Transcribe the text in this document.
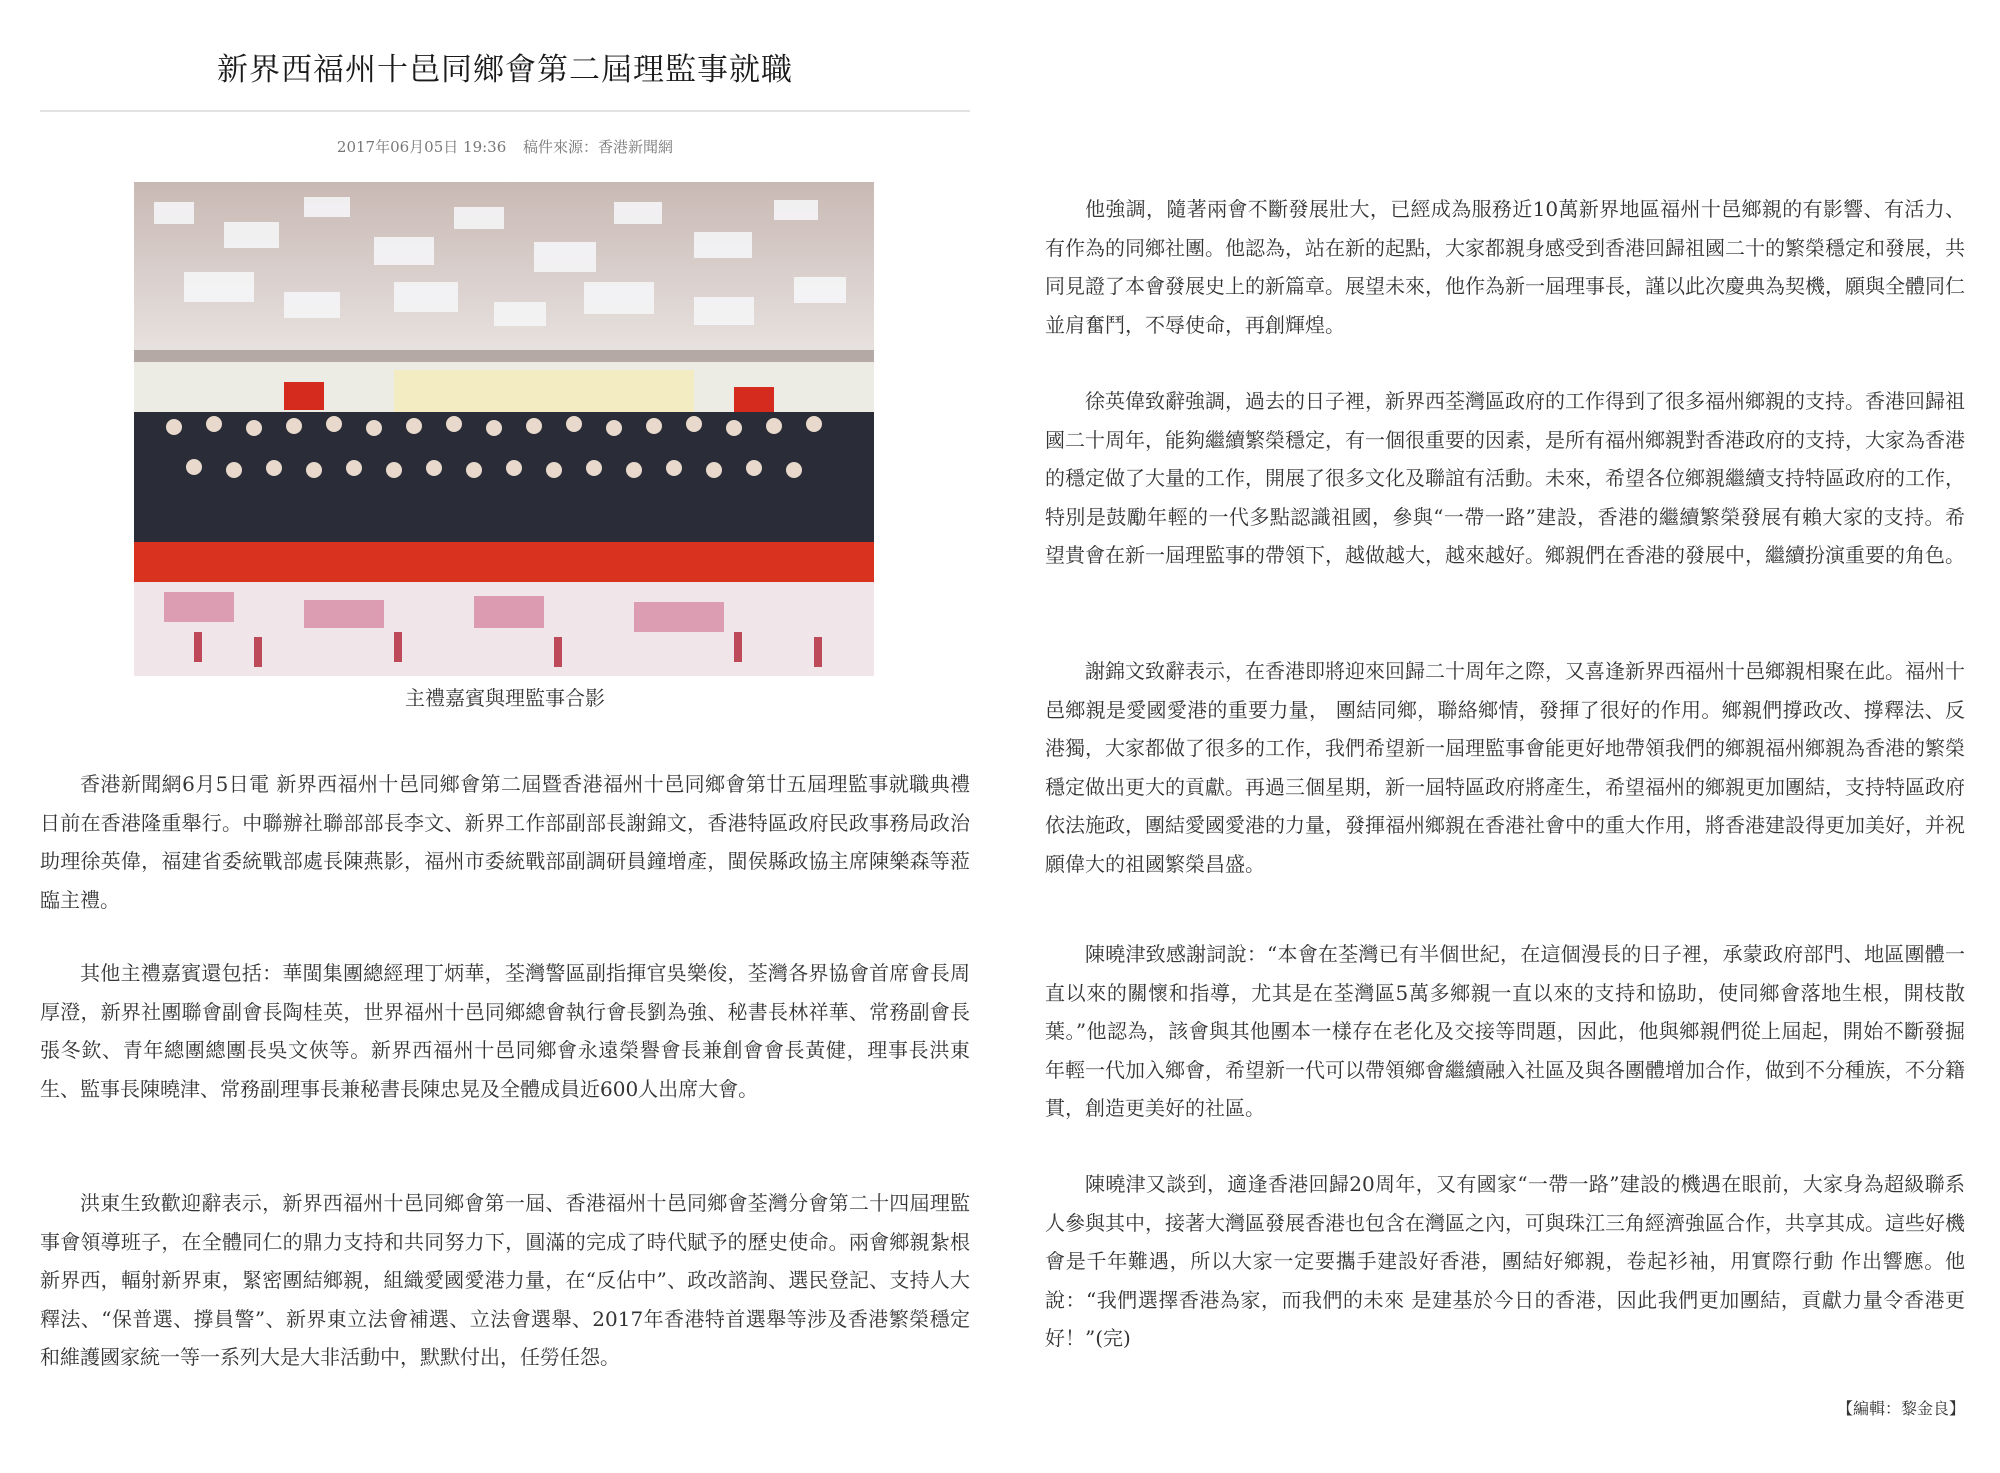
新界西福州十邑同鄉會第二屆理監事就職
2017年06月05日 19:36 稿件來源：香港新聞網
主禮嘉賓與理監事合影

香港新聞網6月5日電 新界西福州十邑同鄉會第二屆暨香港福州十邑同鄉會第廿五屆理監事就職典禮日前在香港隆重舉行。中聯辦社聯部部長李文、新界工作部副部長謝錦文，香港特區政府民政事務局政治助理徐英偉，福建省委統戰部處長陳燕影，福州市委統戰部副調研員鐘增產，閩侯縣政協主席陳樂森等蒞臨主禮。

其他主禮嘉賓還包括：華閩集團總經理丁炳華，荃灣警區副指揮官吳樂俊，荃灣各界協會首席會長周厚澄，新界社團聯會副會長陶桂英，世界福州十邑同鄉總會執行會長劉為強、秘書長林祥華、常務副會長張冬欽、青年總團總團長吳文俠等。新界西福州十邑同鄉會永遠榮譽會長兼創會會長黃健，理事長洪東生、監事長陳曉津、常務副理事長兼秘書長陳忠晃及全體成員近600人出席大會。

洪東生致歡迎辭表示，新界西福州十邑同鄉會第一屆、香港福州十邑同鄉會荃灣分會第二十四屆理監事會領導班子，在全體同仁的鼎力支持和共同努力下，圓滿的完成了時代賦予的歷史使命。兩會鄉親紮根新界西，輻射新界東，緊密團結鄉親，組織愛國愛港力量，在“反佔中”、政改諮詢、選民登記、支持人大釋法、“保普選、撐員警”、新界東立法會補選、立法會選舉、2017年香港特首選舉等涉及香港繁榮穩定和維護國家統一等一系列大是大非活動中，默默付出，任勞任怨。

他強調，隨著兩會不斷發展壯大，已經成為服務近10萬新界地區福州十邑鄉親的有影響、有活力、有作為的同鄉社團。他認為，站在新的起點，大家都親身感受到香港回歸祖國二十的繁榮穩定和發展，共同見證了本會發展史上的新篇章。展望未來，他作為新一屆理事長，謹以此次慶典為契機，願與全體同仁並肩奮鬥，不辱使命，再創輝煌。

徐英偉致辭強調，過去的日子裡，新界西荃灣區政府的工作得到了很多福州鄉親的支持。香港回歸祖國二十周年，能夠繼續繁榮穩定，有一個很重要的因素，是所有福州鄉親對香港政府的支持，大家為香港的穩定做了大量的工作，開展了很多文化及聯誼有活動。未來，希望各位鄉親繼續支持特區政府的工作，特別是鼓勵年輕的一代多點認識祖國，參與“一帶一路”建設，香港的繼續繁榮發展有賴大家的支持。希望貴會在新一屆理監事的帶領下，越做越大，越來越好。鄉親們在香港的發展中，繼續扮演重要的角色。

謝錦文致辭表示，在香港即將迎來回歸二十周年之際，又喜逢新界西福州十邑鄉親相聚在此。福州十邑鄉親是愛國愛港的重要力量， 團結同鄉，聯絡鄉情，發揮了很好的作用。鄉親們撐政改、撐釋法、反港獨，大家都做了很多的工作，我們希望新一屆理監事會能更好地帶領我們的鄉親福州鄉親為香港的繁榮穩定做出更大的貢獻。再過三個星期，新一屆特區政府將產生，希望福州的鄉親更加團結，支持特區政府依法施政，團結愛國愛港的力量，發揮福州鄉親在香港社會中的重大作用，將香港建設得更加美好，并祝願偉大的祖國繁榮昌盛。

陳曉津致感謝詞說：“本會在荃灣已有半個世紀，在這個漫長的日子裡，承蒙政府部門、地區團體一直以來的關懷和指導，尤其是在荃灣區5萬多鄉親一直以來的支持和協助，使同鄉會落地生根，開枝散葉。”他認為，該會與其他團本一樣存在老化及交接等問題，因此，他與鄉親們從上屆起，開始不斷發掘年輕一代加入鄉會，希望新一代可以帶領鄉會繼續融入社區及與各團體增加合作，做到不分種族，不分籍貫，創造更美好的社區。

陳曉津又談到，適逢香港回歸20周年，又有國家“一帶一路”建設的機遇在眼前，大家身為超級聯系人參與其中，接著大灣區發展香港也包含在灣區之內，可與珠江三角經濟強區合作，共享其成。這些好機會是千年難遇，所以大家一定要攜手建設好香港，團結好鄉親，卷起衫袖，用實際行動 作出響應。他說：“我們選擇香港為家，而我們的未來 是建基於今日的香港，因此我們更加團結，貢獻力量令香港更好！”(完)

【編輯：黎金良】
